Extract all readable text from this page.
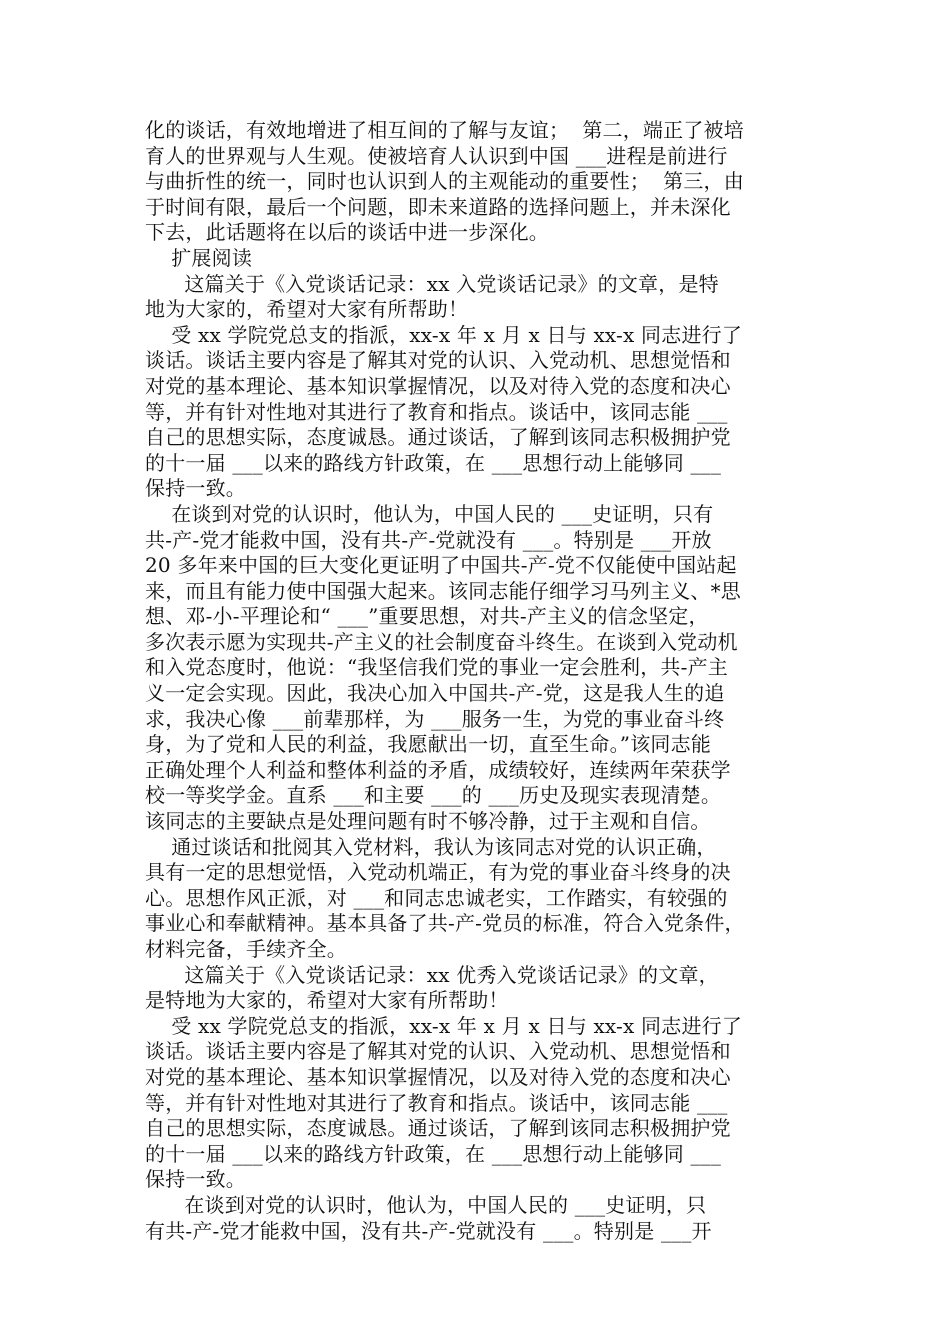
化的谈话，有效地增进了相互间的了解与友谊；  第二，端正了被培
育人的世界观与人生观。使被培育人认识到中国 ___进程是前进行
与曲折性的统一，同时也认识到人的主观能动的重要性；  第三，由
于时间有限，最后一个问题，即未来道路的选择问题上，并未深化
下去，此话题将在以后的谈话中进一步深化。
扩展阅读
这篇关于《入党谈话记录：xx 入党谈话记录》的文章，是特
地为大家的，希望对大家有所帮助！
受 xx 学院党总支的指派，xx-x 年 x 月 x 日与 xx-x 同志进行了
谈话。谈话主要内容是了解其对党的认识、入党动机、思想觉悟和
对党的基本理论、基本知识掌握情况，以及对待入党的态度和决心
等，并有针对性地对其进行了教育和指点。谈话中，该同志能 ___
自己的思想实际，态度诚恳。通过谈话，了解到该同志积极拥护党
的十一届 ___以来的路线方针政策，在 ___思想行动上能够同 ___
保持一致。
在谈到对党的认识时，他认为，中国人民的 ___史证明，只有
共-产-党才能救中国，没有共-产-党就没有 ___。特别是 ___开放
20 多年来中国的巨大变化更证明了中国共-产-党不仅能使中国站起
来，而且有能力使中国强大起来。该同志能仔细学习马列主义、*思
想、邓-小-平理论和“ ___”重要思想，对共-产主义的信念坚定，
多次表示愿为实现共-产主义的社会制度奋斗终生。在谈到入党动机
和入党态度时，他说：“我坚信我们党的事业一定会胜利，共-产主
义一定会实现。因此，我决心加入中国共-产-党，这是我人生的追
求，我决心像 ___前辈那样，为 ___服务一生，为党的事业奋斗终
身，为了党和人民的利益，我愿献出一切，直至生命。”该同志能
正确处理个人利益和整体利益的矛盾，成绩较好，连续两年荣获学
校一等奖学金。直系 ___和主要 ___的 ___历史及现实表现清楚。
该同志的主要缺点是处理问题有时不够冷静，过于主观和自信。
通过谈话和批阅其入党材料，我认为该同志对党的认识正确，
具有一定的思想觉悟，入党动机端正，有为党的事业奋斗终身的决
心。思想作风正派，对 ___和同志忠诚老实，工作踏实，有较强的
事业心和奉献精神。基本具备了共-产-党员的标准，符合入党条件，
材料完备，手续齐全。
这篇关于《入党谈话记录：xx 优秀入党谈话记录》的文章，
是特地为大家的，希望对大家有所帮助！
受 xx 学院党总支的指派，xx-x 年 x 月 x 日与 xx-x 同志进行了
谈话。谈话主要内容是了解其对党的认识、入党动机、思想觉悟和
对党的基本理论、基本知识掌握情况，以及对待入党的态度和决心
等，并有针对性地对其进行了教育和指点。谈话中，该同志能 ___
自己的思想实际，态度诚恳。通过谈话，了解到该同志积极拥护党
的十一届 ___以来的路线方针政策，在 ___思想行动上能够同 ___
保持一致。
在谈到对党的认识时，他认为，中国人民的 ___史证明，只
有共-产-党才能救中国，没有共-产-党就没有 ___。特别是 ___开
